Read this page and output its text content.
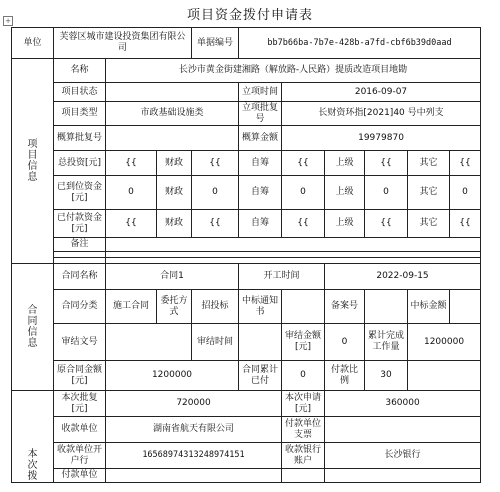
项目资金拨付申请表
+
单位	芙蓉区城市建设投资集团有限公司			单据编号	bb7b66ba-7b7e-428b-a7fd-cbf6b39d0aad					
项目信息	名称	长沙市黄金街建湘路（解放路-人民路）提质改造项目地勘								
	项目状态				立项时间	2016-09-07				
	项目类型	市政基础设施类			立项批复号	长财资环指[2021]40 号中列支				
	概算批复号				概算金额	19979870				
	总投资[元]	{{	财政	{{	自筹	{{	上级	{{	其它	{{
	已到位资金[元]	0	财政	0	自筹	0	上级	0	其它	0
	已付款资金[元]	{{	财政	{{	自筹	{{	上级	{{	其它	{{
	备注									

合同信息	合同名称	合同1			开工时间		2022-09-15			
	合同分类	施工合同	委托方式	招投标	中标通知书		备案号		中标金额	
	审结文号			审结时间		审结金额[元]	0	累计完成工作量	1200000	
	原合同金额[元]	1200000			合同累计已付	0	付款比例	30		
本次拨	本次批复[元]	720000				本次申请[元]	360000			
	收款单位	湖南省航天有限公司				付款单位支票				
	收款单位开户行	16568974313248974151				收款银行账户	长沙银行			
	付款单位									
